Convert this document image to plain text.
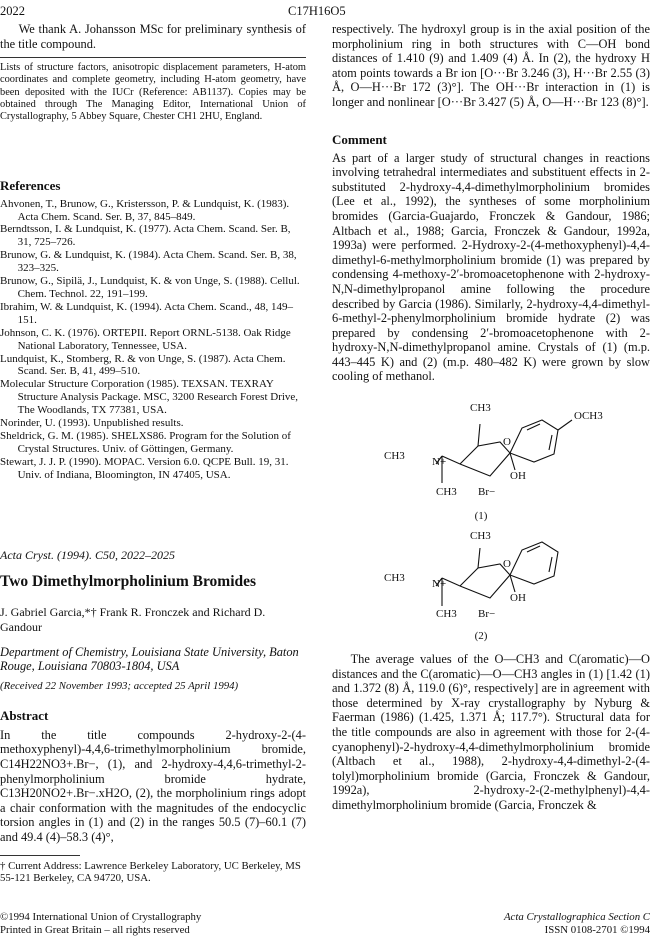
2022	C17H16O5

We thank A. Johansson MSc for preliminary synthesis of the title compound.

Lists of structure factors, anisotropic displacement parameters, H-atom coordinates and complete geometry, including H-atom geometry, have been deposited with the IUCr (Reference: AB1137). Copies may be obtained through The Managing Editor, International Union of Crystallography, 5 Abbey Square, Chester CH1 2HU, England.

References

Ahvonen, T., Brunow, G., Kristersson, P. & Lundquist, K. (1983). Acta Chem. Scand. Ser. B, 37, 845–849.

Berndtsson, I. & Lundquist, K. (1977). Acta Chem. Scand. Ser. B, 31, 725–726.

Brunow, G. & Lundquist, K. (1984). Acta Chem. Scand. Ser. B, 38, 323–325.

Brunow, G., Sipilä, J., Lundquist, K. & von Unge, S. (1988). Cellul. Chem. Technol. 22, 191–199.

Ibrahim, W. & Lundquist, K. (1994). Acta Chem. Scand., 48, 149–151.

Johnson, C. K. (1976). ORTEPII. Report ORNL-5138. Oak Ridge National Laboratory, Tennessee, USA.

Lundquist, K., Stomberg, R. & von Unge, S. (1987). Acta Chem. Scand. Ser. B, 41, 499–510.

Molecular Structure Corporation (1985). TEXSAN. TEXRAY Structure Analysis Package. MSC, 3200 Research Forest Drive, The Woodlands, TX 77381, USA.

Norinder, U. (1993). Unpublished results.

Sheldrick, G. M. (1985). SHELXS86. Program for the Solution of Crystal Structures. Univ. of Göttingen, Germany.

Stewart, J. J. P. (1990). MOPAC. Version 6.0. QCPE Bull. 19, 31. Univ. of Indiana, Bloomington, IN 47405, USA.

Acta Cryst. (1994). C50, 2022–2025

Two Dimethylmorpholinium Bromides

J. Gabriel Garcia,*† Frank R. Fronczek and Richard D. Gandour

Department of Chemistry, Louisiana State University, Baton Rouge, Louisiana 70803-1804, USA

(Received 22 November 1993; accepted 25 April 1994)

Abstract

In the title compounds 2-hydroxy-2-(4-methoxyphenyl)-4,4,6-trimethylmorpholinium bromide, C14H22NO3+.Br−, (1), and 2-hydroxy-4,4,6-trimethyl-2-phenylmorpholinium bromide hydrate, C13H20NO2+.Br−.xH2O, (2), the morpholinium rings adopt a chair conformation with the magnitudes of the endocyclic torsion angles in (1) and (2) in the ranges 50.5 (7)–60.1 (7) and 49.4 (4)–58.3 (4)°,

† Current Address: Lawrence Berkeley Laboratory, UC Berkeley, MS 55-121 Berkeley, CA 94720, USA.

©1994 International Union of Crystallography
Printed in Great Britain – all rights reserved

respectively. The hydroxyl group is in the axial position of the morpholinium ring in both structures with C—OH bond distances of 1.410 (9) and 1.409 (4) Å. In (2), the hydroxy H atom points towards a Br ion [O···Br 3.246 (3), H···Br 2.55 (3) Å, O—H···Br 172 (3)°]. The OH···Br interaction in (1) is longer and nonlinear [O···Br 3.427 (5) Å, O—H···Br 123 (8)°].

Comment

As part of a larger study of structural changes in reactions involving tetrahedral intermediates and substituent effects in 2-substituted 2-hydroxy-4,4-dimethylmorpholinium bromides (Lee et al., 1992), the syntheses of some morpholinium bromides (Garcia-Guajardo, Fronczek & Gandour, 1986; Altbach et al., 1988; Garcia, Fronczek & Gandour, 1992a, 1993a) were performed. 2-Hydroxy-2-(4-methoxyphenyl)-4,4-dimethyl-6-methylmorpholinium bromide (1) was prepared by condensing 4-methoxy-2′-bromoacetophenone with 2-hydroxy-N,N-dimethylpropanol amine following the procedure described by Garcia (1986). Similarly, 2-hydroxy-4,4-dimethyl-6-methyl-2-phenylmorpholinium bromide hydrate (2) was prepared by condensing 2′-bromoacetophenone with 2-hydroxy-N,N-dimethylpropanol amine. Crystals of (1) (m.p. 443–445 K) and (2) (m.p. 480–482 K) were grown by slow cooling of methanol.

CH3
OCH3
O
CH3 N+
OH
CH3 Br−
(1)
CH3
O
CH3 N+
OH
CH3 Br−
(2)

The average values of the O—CH3 and C(aromatic)—O distances and the C(aromatic)—O—CH3 angles in (1) [1.42 (1) and 1.372 (8) Å, 119.0 (6)°, respectively] are in agreement with those determined by X-ray crystallography by Nyburg & Faerman (1986) (1.425, 1.371 Å; 117.7°). Structural data for the title compounds are also in agreement with those for 2-(4-cyanophenyl)-2-hydroxy-4,4-dimethylmorpholinium bromide (Altbach et al., 1988), 2-hydroxy-4,4-dimethyl-2-(4-tolyl)morpholinium bromide (Garcia, Fronczek & Gandour, 1992a), 2-hydroxy-2-(2-methylphenyl)-4,4-dimethylmorpholinium bromide (Garcia, Fronczek &

Acta Crystallographica Section C
ISSN 0108-2701 ©1994
